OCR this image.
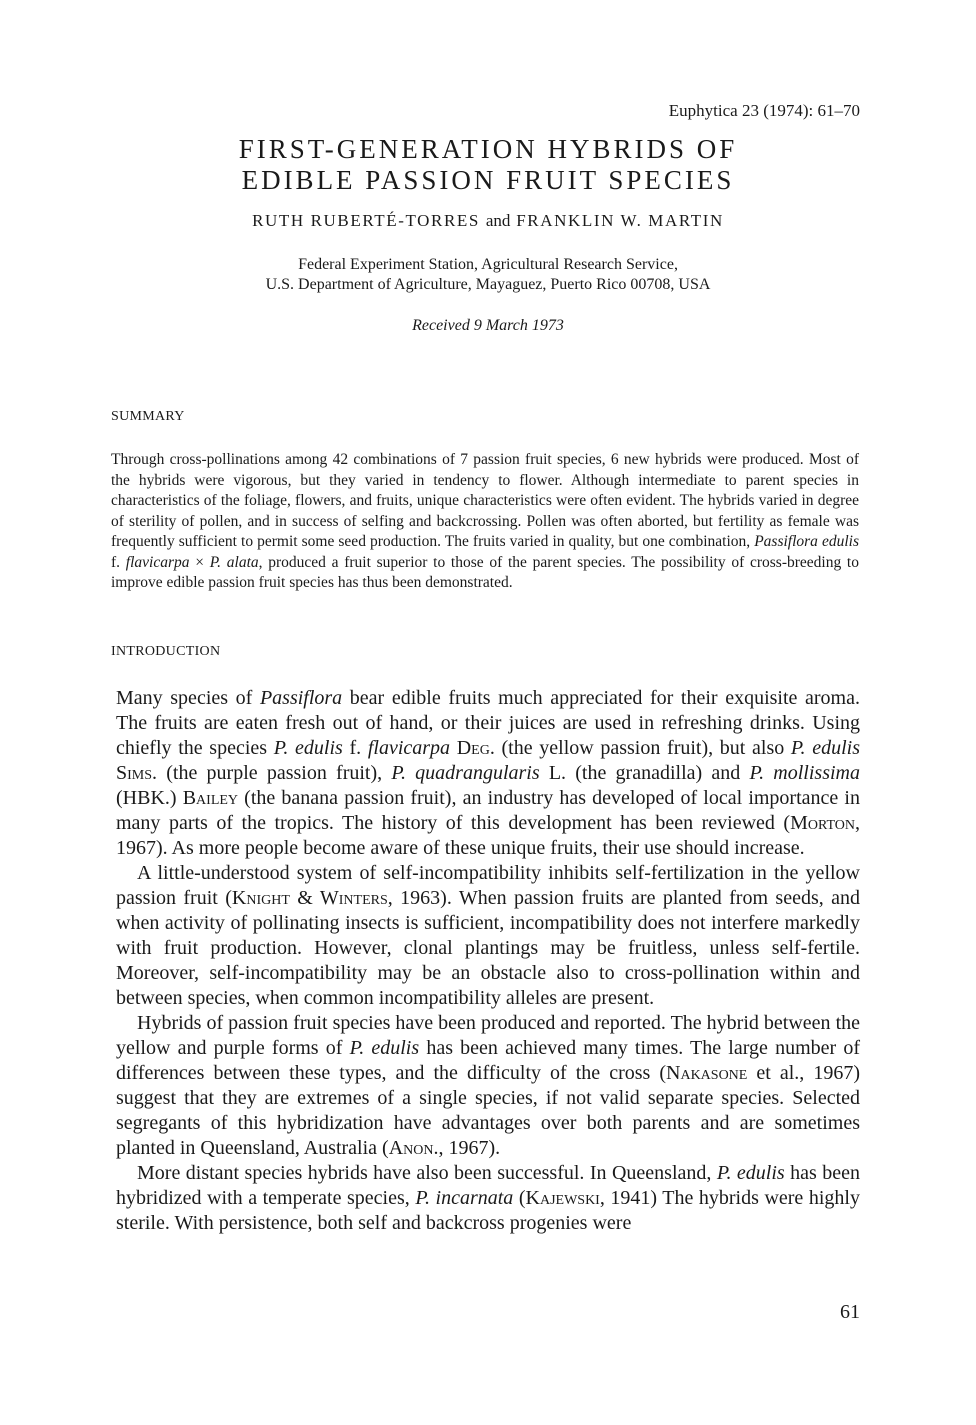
Euphytica 23 (1974): 61–70
FIRST-GENERATION HYBRIDS OF
EDIBLE PASSION FRUIT SPECIES
RUTH RUBERTÉ-TORRES and FRANKLIN W. MARTIN
Federal Experiment Station, Agricultural Research Service,
U.S. Department of Agriculture, Mayaguez, Puerto Rico 00708, USA
Received 9 March 1973
SUMMARY
Through cross-pollinations among 42 combinations of 7 passion fruit species, 6 new hybrids were produced. Most of the hybrids were vigorous, but they varied in tendency to flower. Although intermediate to parent species in characteristics of the foliage, flowers, and fruits, unique characteristics were often evident. The hybrids varied in degree of sterility of pollen, and in success of selfing and backcrossing. Pollen was often aborted, but fertility as female was frequently sufficient to permit some seed production. The fruits varied in quality, but one combination, Passiflora edulis f. flavicarpa × P. alata, produced a fruit superior to those of the parent species. The possibility of cross-breeding to improve edible passion fruit species has thus been demonstrated.
INTRODUCTION

Many species of Passiflora bear edible fruits much appreciated for their exquisite aroma. The fruits are eaten fresh out of hand, or their juices are used in refreshing drinks. Using chiefly the species P. edulis f. flavicarpa Deg. (the yellow passion fruit), but also P. edulis Sims. (the purple passion fruit), P. quadrangularis L. (the granadilla) and P. mollissima (HBK.) Bailey (the banana passion fruit), an industry has developed of local importance in many parts of the tropics. The history of this development has been reviewed (Morton, 1967). As more people become aware of these unique fruits, their use should increase.

A little-understood system of self-incompatibility inhibits self-fertilization in the yellow passion fruit (Knight & Winters, 1963). When passion fruits are planted from seeds, and when activity of pollinating insects is sufficient, incompatibility does not interfere markedly with fruit production. However, clonal plantings may be fruitless, unless self-fertile. Moreover, self-incompatibility may be an obstacle also to cross-pollination within and between species, when common incompatibility alleles are present.

Hybrids of passion fruit species have been produced and reported. The hybrid between the yellow and purple forms of P. edulis has been achieved many times. The large number of differences between these types, and the difficulty of the cross (Nakasone et al., 1967) suggest that they are extremes of a single species, if not valid separate species. Selected segregants of this hybridization have advantages over both parents and are sometimes planted in Queensland, Australia (Anon., 1967).

More distant species hybrids have also been successful. In Queensland, P. edulis has been hybridized with a temperate species, P. incarnata (Kajewski, 1941) The hybrids were highly sterile. With persistence, both self and backcross progenies were

61
